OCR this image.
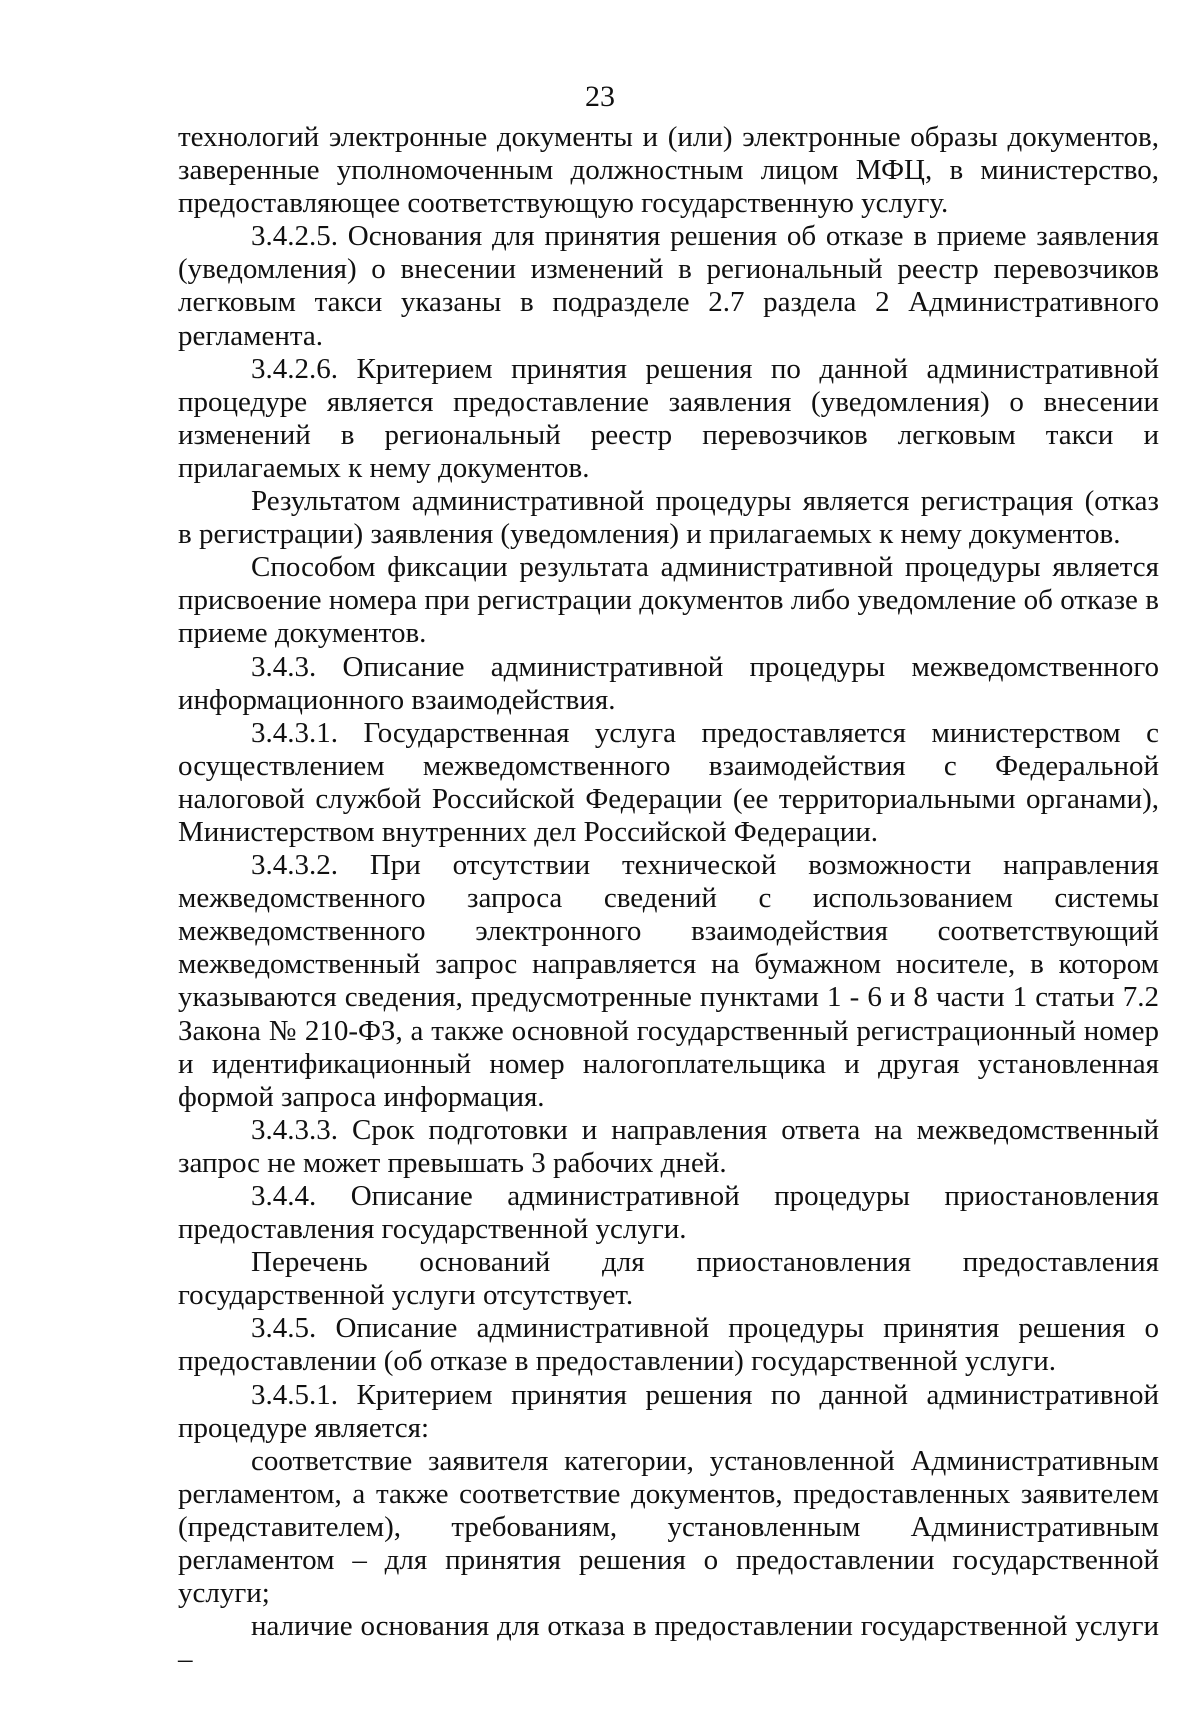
23

технологий электронные документы и (или) электронные образы документов, заверенные уполномоченным должностным лицом МФЦ, в министерство, предоставляющее соответствующую государственную услугу.

3.4.2.5. Основания для принятия решения об отказе в приеме заявления (уведомления) о внесении изменений в региональный реестр перевозчиков легковым такси указаны в подразделе 2.7 раздела 2 Административного регламента.

3.4.2.6. Критерием принятия решения по данной административной процедуре является предоставление заявления (уведомления) о внесении изменений в региональный реестр перевозчиков легковым такси и прилагаемых к нему документов.

Результатом административной процедуры является регистрация (отказ в регистрации) заявления (уведомления) и прилагаемых к нему документов.

Способом фиксации результата административной процедуры является присвоение номера при регистрации документов либо уведомление об отказе в приеме документов.

3.4.3. Описание административной процедуры межведомственного информационного взаимодействия.

3.4.3.1. Государственная услуга предоставляется министерством с осуществлением межведомственного взаимодействия с Федеральной налоговой службой Российской Федерации (ее территориальными органами), Министерством внутренних дел Российской Федерации.

3.4.3.2. При отсутствии технической возможности направления межведомственного запроса сведений с использованием системы межведомственного электронного взаимодействия соответствующий межведомственный запрос направляется на бумажном носителе, в котором указываются сведения, предусмотренные пунктами 1 - 6 и 8 части 1 статьи 7.2 Закона № 210-ФЗ, а также основной государственный регистрационный номер и идентификационный номер налогоплательщика и другая установленная формой запроса информация.

3.4.3.3. Срок подготовки и направления ответа на межведомственный запрос не может превышать 3 рабочих дней.

3.4.4. Описание административной процедуры приостановления предоставления государственной услуги.

Перечень оснований для приостановления предоставления государственной услуги отсутствует.

3.4.5. Описание административной процедуры принятия решения о предоставлении (об отказе в предоставлении) государственной услуги.

3.4.5.1. Критерием принятия решения по данной административной процедуре является:

соответствие заявителя категории, установленной Административным регламентом, а также соответствие документов, предоставленных заявителем (представителем), требованиям, установленным Административным регламентом – для принятия решения о предоставлении государственной услуги;

наличие основания для отказа в предоставлении государственной услуги –
